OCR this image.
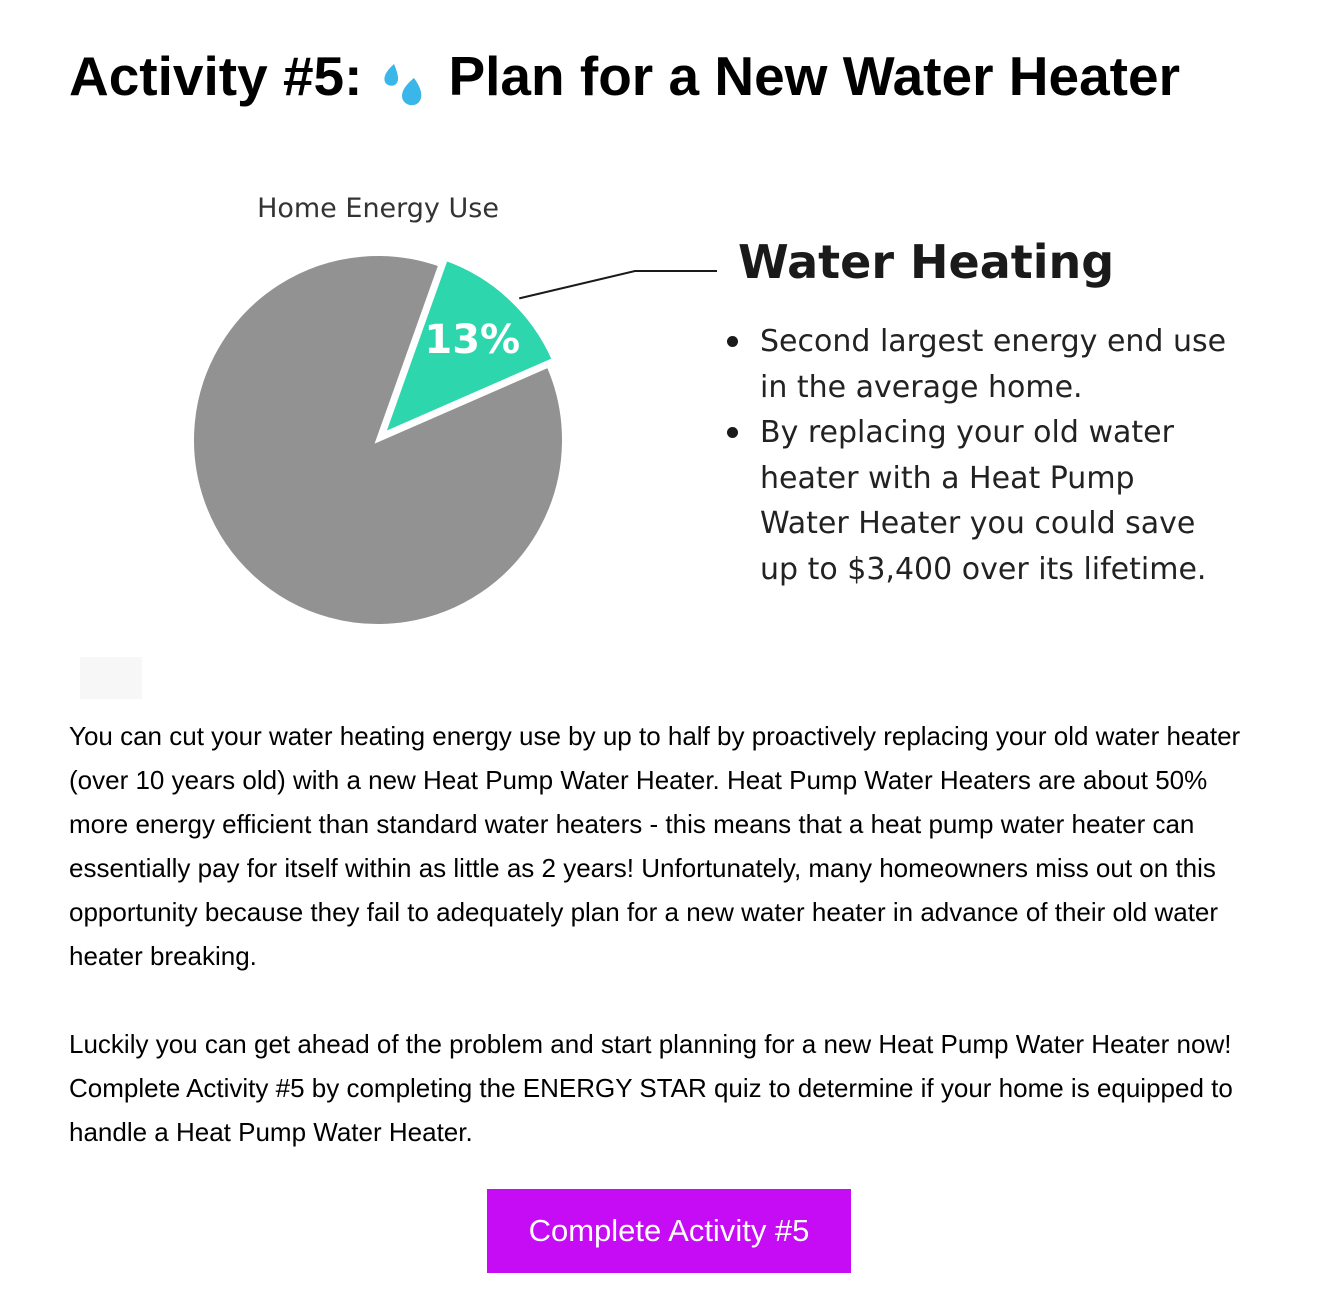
Activity #5: Plan for a New Water Heater
13%
Home Energy Use
Water Heating
Second largest energy end use in the average home.
By replacing your old water heater with a Heat Pump Water Heater you could save up to $3,400 over its lifetime.

You can cut your water heating energy use by up to half by proactively replacing your old water heater (over 10 years old) with a new Heat Pump Water Heater. Heat Pump Water Heaters are about 50% more energy efficient than standard water heaters - this means that a heat pump water heater can essentially pay for itself within as little as 2 years! Unfortunately, many homeowners miss out on this opportunity because they fail to adequately plan for a new water heater in advance of their old water heater breaking.

Luckily you can get ahead of the problem and start planning for a new Heat Pump Water Heater now! Complete Activity #5 by completing the ENERGY STAR quiz to determine if your home is equipped to handle a Heat Pump Water Heater.

Complete Activity #5
